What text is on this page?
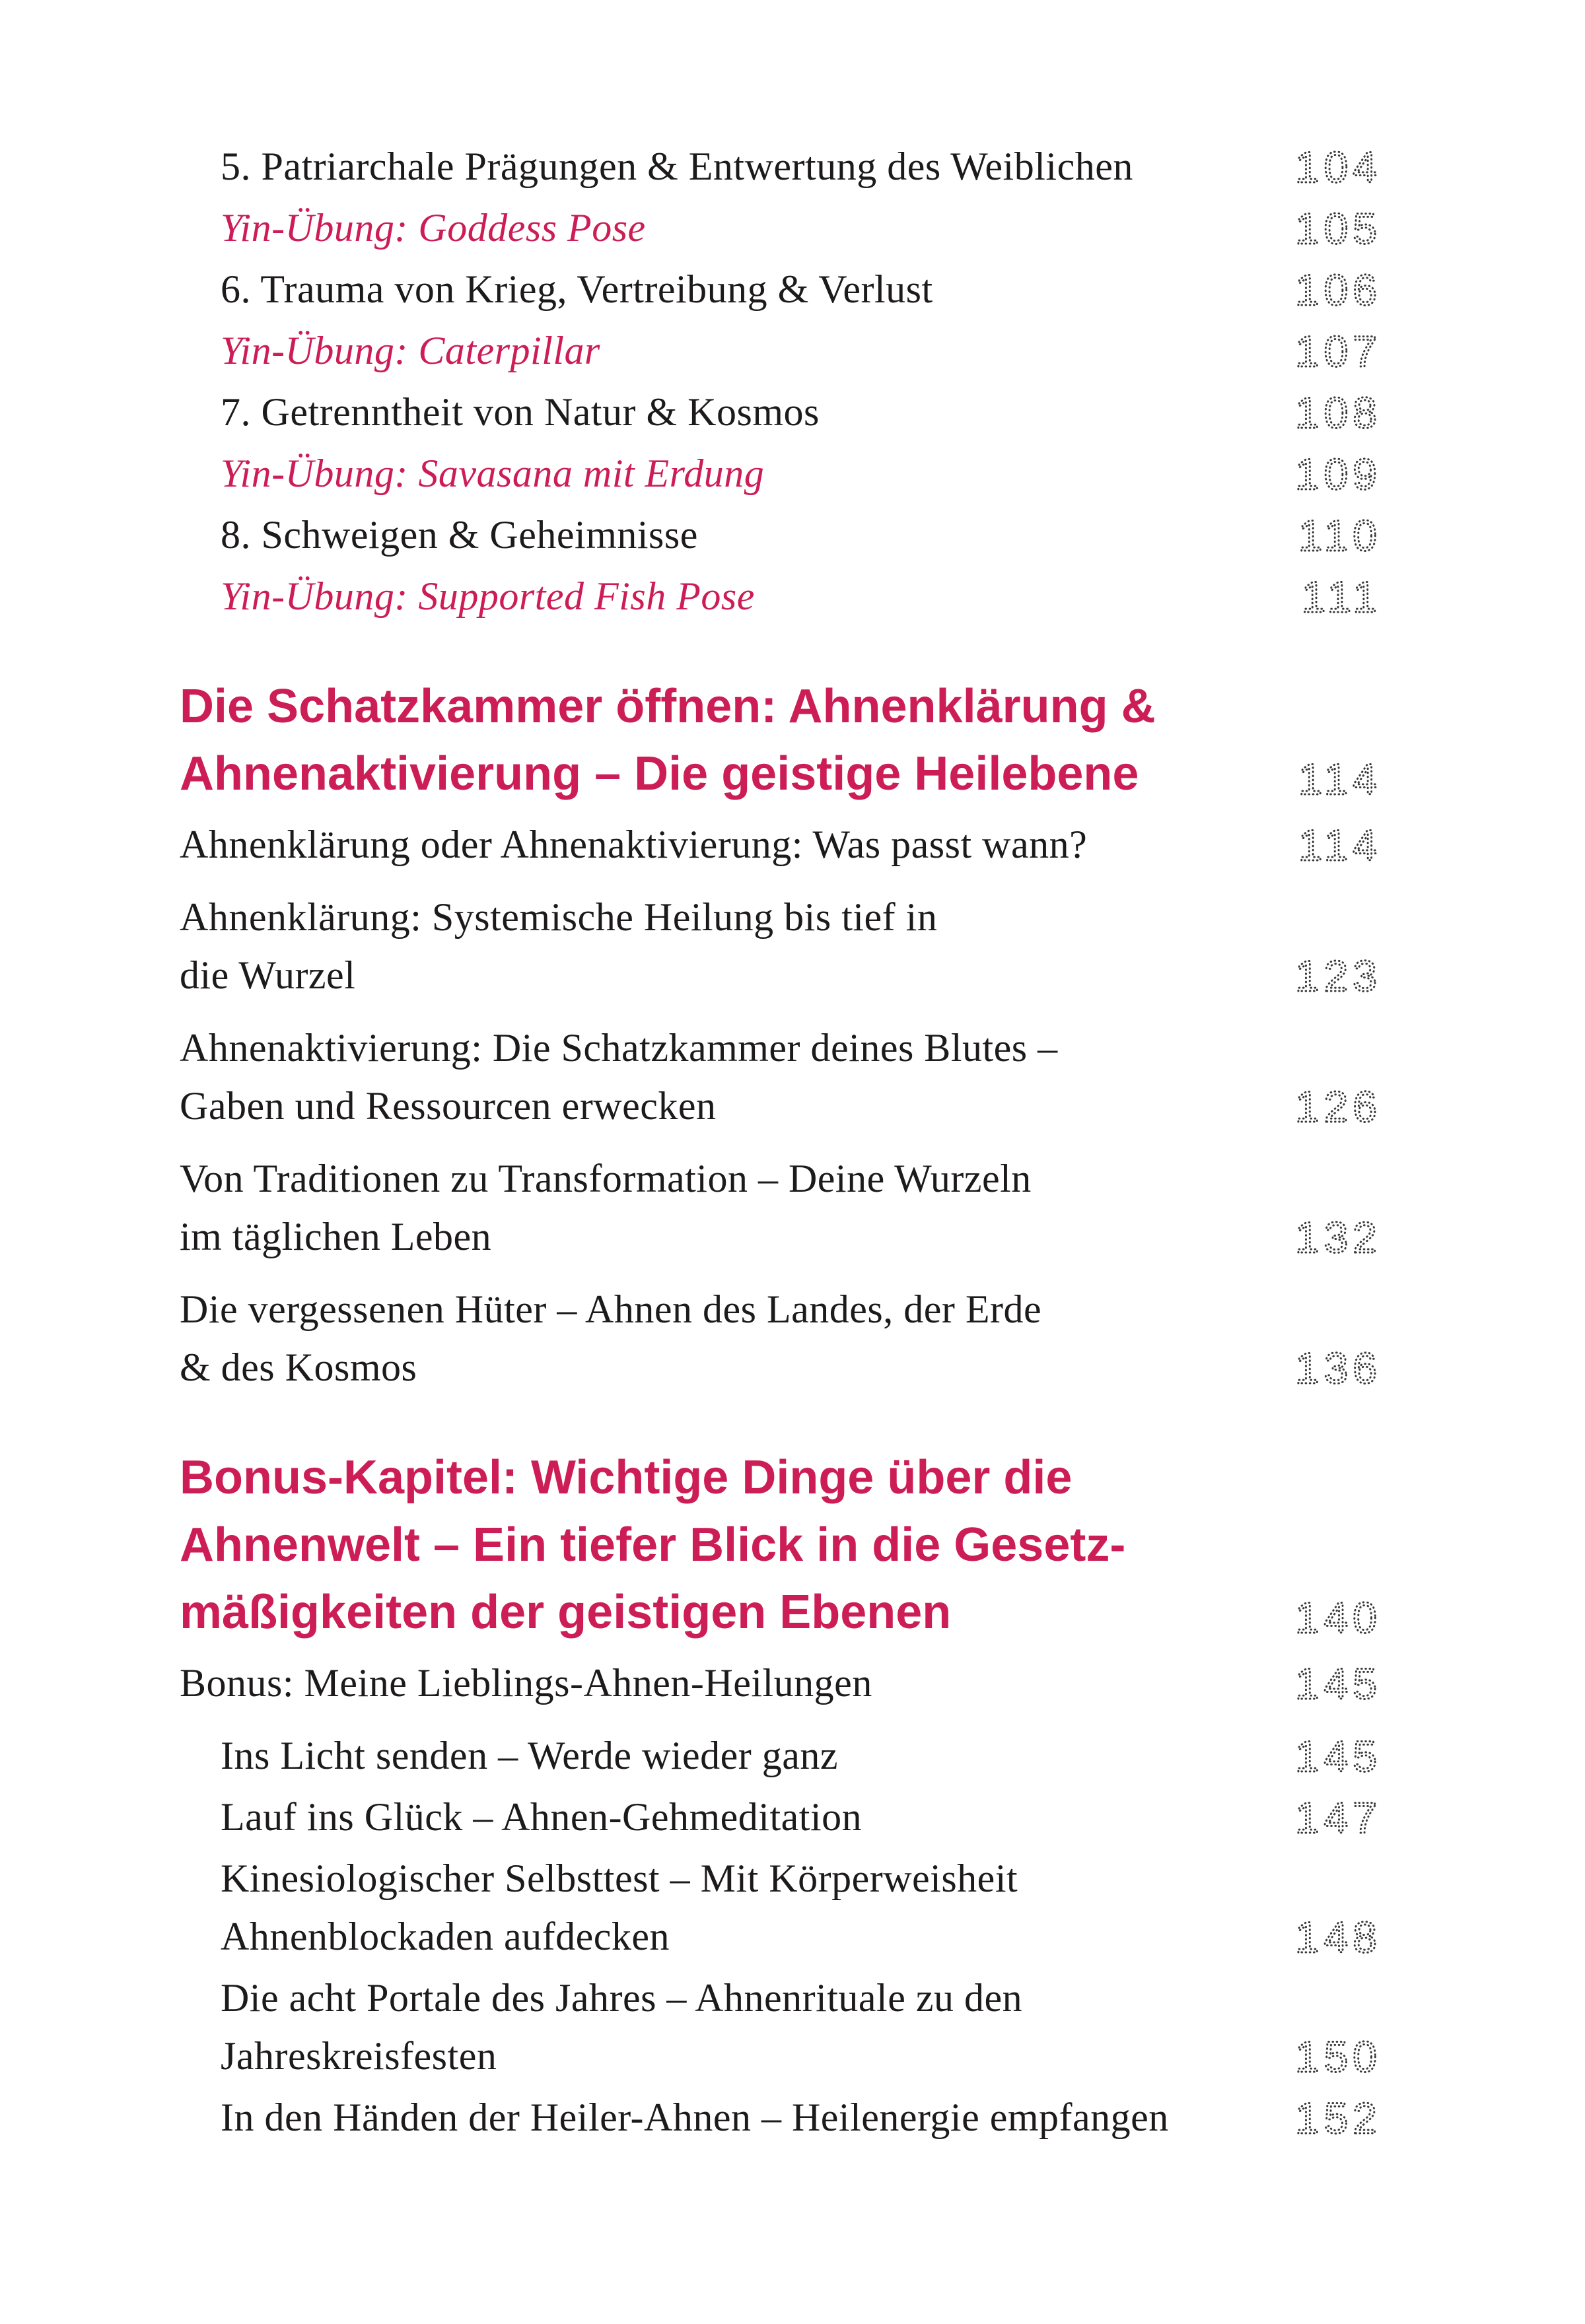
5. Patriarchale Prägungen & Entwertung des Weiblichen	104
Yin-Übung: Goddess Pose	105
6. Trauma von Krieg, Vertreibung & Verlust	106
Yin-Übung: Caterpillar	107
7. Getrenntheit von Natur & Kosmos	108
Yin-Übung: Savasana mit Erdung	109
8. Schweigen & Geheimnisse	110
Yin-Übung: Supported Fish Pose	111
Die Schatzkammer öffnen: Ahnenklärung &
Ahnenaktivierung – Die geistige Heilebene	114
Ahnenklärung oder Ahnenaktivierung: Was passt wann?	114
Ahnenklärung: Systemische Heilung bis tief in
die Wurzel	123
Ahnenaktivierung: Die Schatzkammer deines Blutes –
Gaben und Ressourcen erwecken	126
Von Traditionen zu Transformation – Deine Wurzeln
im täglichen Leben	132
Die vergessenen Hüter – Ahnen des Landes, der Erde
& des Kosmos	136
Bonus-Kapitel: Wichtige Dinge über die
Ahnenwelt – Ein tiefer Blick in die Gesetz-
mäßigkeiten der geistigen Ebenen	140
Bonus: Meine Lieblings-Ahnen-Heilungen	145
Ins Licht senden – Werde wieder ganz	145
Lauf ins Glück – Ahnen-Gehmeditation	147
Kinesiologischer Selbsttest – Mit Körperweisheit
Ahnenblockaden aufdecken	148
Die acht Portale des Jahres – Ahnenrituale zu den
Jahreskreisfesten	150
In den Händen der Heiler-Ahnen – Heilenergie empfangen	152
